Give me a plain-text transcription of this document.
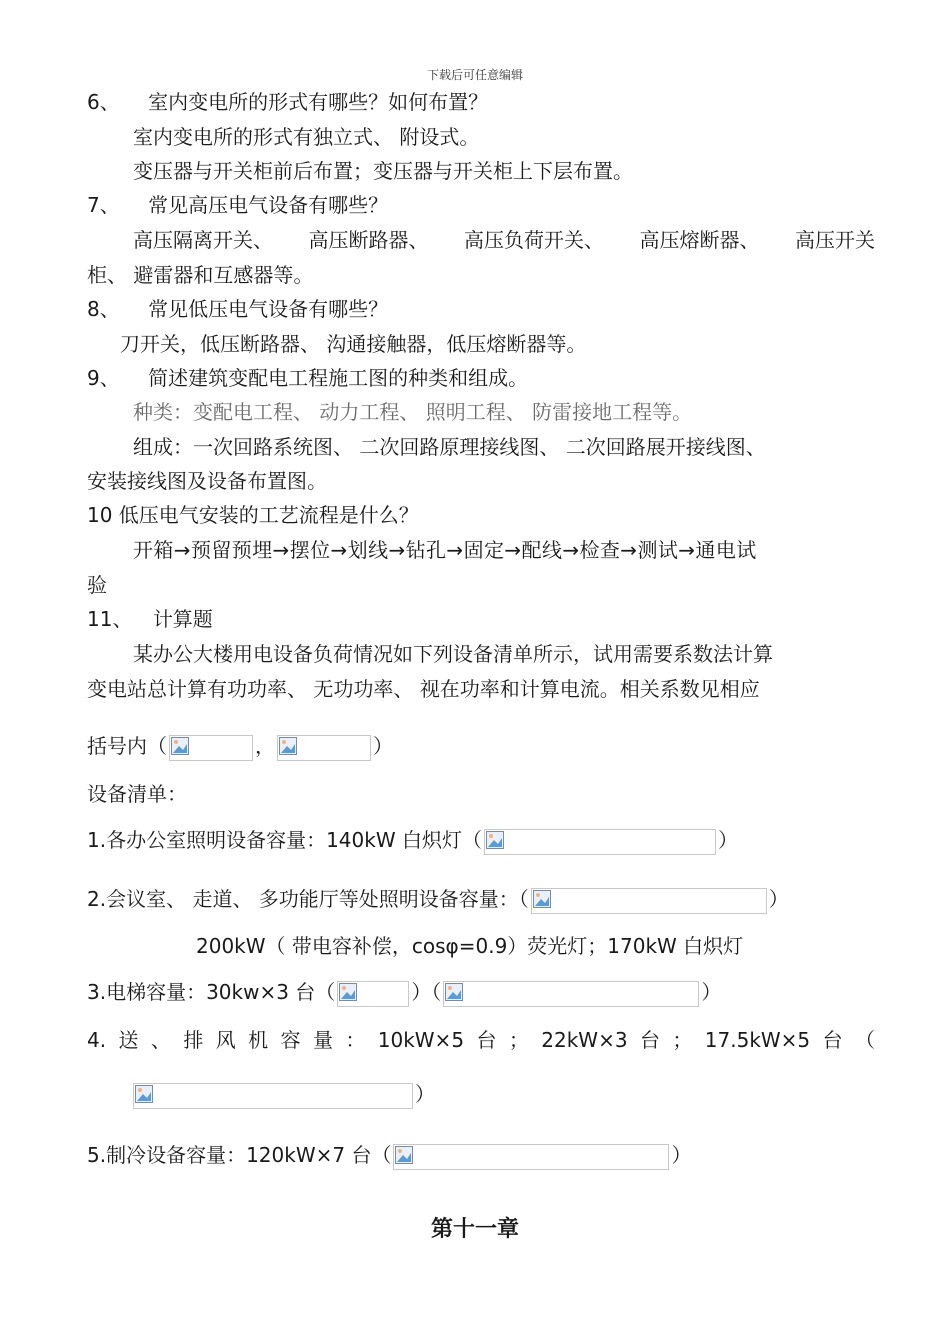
下载后可任意编辑
6、 室内变电所的形式有哪些？如何布置？
室内变电所的形式有独立式、 附设式。
变压器与开关柜前后布置；变压器与开关柜上下层布置。
7、 常见高压电气设备有哪些？
高压隔离开关、 高压断路器、 高压负荷开关、 高压熔断器、 高压开关
柜、 避雷器和互感器等。
8、 常见低压电气设备有哪些？
刀开关，低压断路器、 沟通接触器，低压熔断器等。
9、 简述建筑变配电工程施工图的种类和组成。
种类：变配电工程、 动力工程、 照明工程、 防雷接地工程等。
组成：一次回路系统图、 二次回路原理接线图、 二次回路展开接线图、
安装接线图及设备布置图。
10 低压电气安装的工艺流程是什么？
开箱→预留预埋→摆位→划线→钻孔→固定→配线→检查→测试→通电试
验
11、 计算题
某办公大楼用电设备负荷情况如下列设备清单所示，试用需要系数法计算
变电站总计算有功功率、 无功功率、 视在功率和计算电流。相关系数见相应
括号内（	，	）
设备清单：
1.各办公室照明设备容量：140kW 白炽灯（	）
2.会议室、 走道、 多功能厅等处照明设备容量：（	）
200kW（ 带电容补偿，cosφ=0.9）荧光灯；170kW 白炽灯
3.电梯容量：30kw×3 台（	）（	）
4. 送 、 排 风 机 容 量 ： 10kW×5 台 ； 22kW×3 台 ； 17.5kW×5 台 （
）
5.制冷设备容量：120kW×7 台（	）
第十一章
